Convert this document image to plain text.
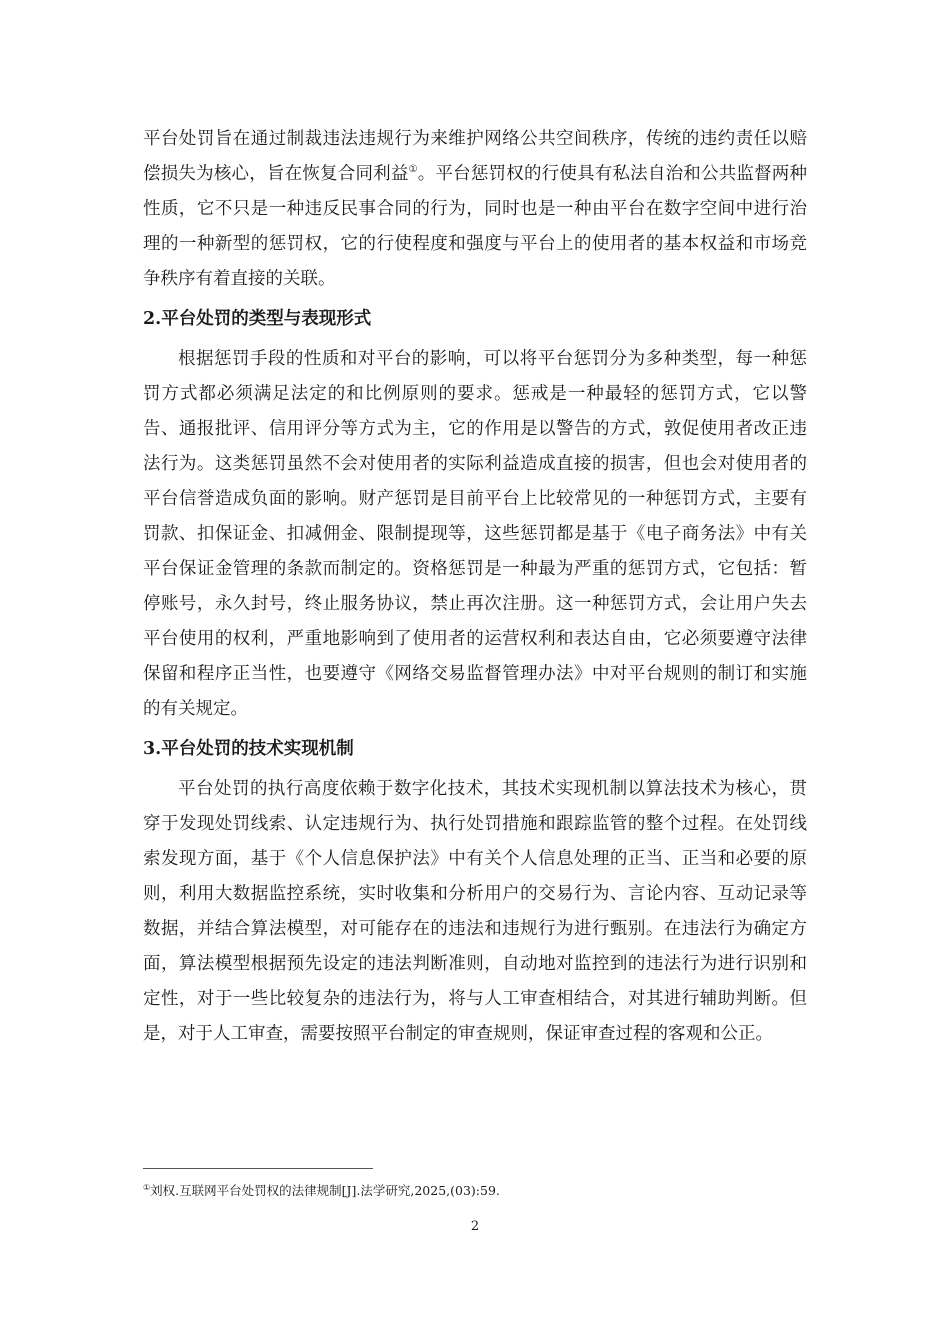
平台处罚旨在通过制裁违法违规行为来维护网络公共空间秩序，传统的违约责任以赔偿损失为核心，旨在恢复合同利益①。平台惩罚权的行使具有私法自治和公共监督两种性质，它不只是一种违反民事合同的行为，同时也是一种由平台在数字空间中进行治理的一种新型的惩罚权，它的行使程度和强度与平台上的使用者的基本权益和市场竞争秩序有着直接的关联。

2.平台处罚的类型与表现形式

根据惩罚手段的性质和对平台的影响，可以将平台惩罚分为多种类型，每一种惩罚方式都必须满足法定的和比例原则的要求。惩戒是一种最轻的惩罚方式，它以警告、通报批评、信用评分等方式为主，它的作用是以警告的方式，敦促使用者改正违法行为。这类惩罚虽然不会对使用者的实际利益造成直接的损害，但也会对使用者的平台信誉造成负面的影响。财产惩罚是目前平台上比较常见的一种惩罚方式，主要有罚款、扣保证金、扣减佣金、限制提现等，这些惩罚都是基于《电子商务法》中有关平台保证金管理的条款而制定的。资格惩罚是一种最为严重的惩罚方式，它包括：暂停账号，永久封号，终止服务协议，禁止再次注册。这一种惩罚方式，会让用户失去平台使用的权利，严重地影响到了使用者的运营权利和表达自由，它必须要遵守法律保留和程序正当性，也要遵守《网络交易监督管理办法》中对平台规则的制订和实施的有关规定。

3.平台处罚的技术实现机制

平台处罚的执行高度依赖于数字化技术，其技术实现机制以算法技术为核心，贯穿于发现处罚线索、认定违规行为、执行处罚措施和跟踪监管的整个过程。在处罚线索发现方面，基于《个人信息保护法》中有关个人信息处理的正当、正当和必要的原则，利用大数据监控系统，实时收集和分析用户的交易行为、言论内容、互动记录等数据，并结合算法模型，对可能存在的违法和违规行为进行甄别。在违法行为确定方面，算法模型根据预先设定的违法判断准则，自动地对监控到的违法行为进行识别和定性，对于一些比较复杂的违法行为，将与人工审查相结合，对其进行辅助判断。但是，对于人工审查，需要按照平台制定的审查规则，保证审查过程的客观和公正。

①刘权.互联网平台处罚权的法律规制[J].法学研究,2025,(03):59.
2
